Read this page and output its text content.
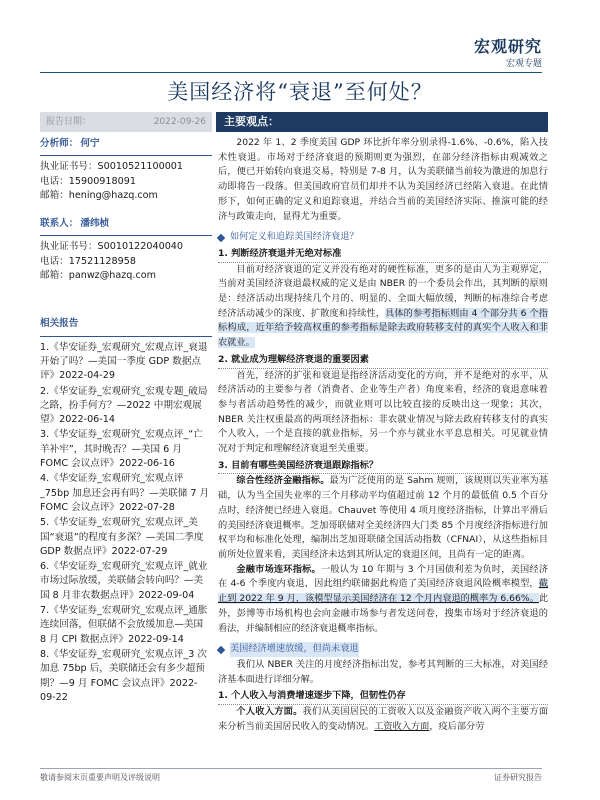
宏观研究
宏观专题
美国经济将“衰退”至何处？
报告日期：	2022-09-26
分析师： 何宁
执业证书号：S0010521100001
电话：15900918091
邮箱：hening@hazq.com
联系人： 潘纬桢
执业证书号：S0010122040040
电话：17521128958
邮箱：panwz@hazq.com
相关报告
1.《华安证券_宏观研究_宏观点评_衰退开始了吗？—美国一季度 GDP 数据点评》2022-04-29
2.《华安证券_宏观研究_宏观专题_破局之路，扮手何方？—2022 中期宏观展望》2022-06-14
3.《华安证券_宏观研究_宏观点评_“亡羊补牢”，其时晚否？—美国 6 月 FOMC 会议点评》2022-06-16
4.《华安证券_宏观研究_宏观点评_75bp 加息还会再有吗？—美联储 7 月 FOMC 会议点评》2022-07-28
5.《华安证券_宏观研究_宏观点评_美国“衰退”的程度有多深？—美国二季度 GDP 数据点评》2022-07-29
6.《华安证券_宏观研究_宏观点评_就业市场过际放缓，美联储会转向吗？—美国 8 月非农数据点评》2022-09-04
7.《华安证券_宏观研究_宏观点评_通胀连续回落，但联储不会放缓加息—美国 8 月 CPI 数据点评》2022-09-14
8.《华安证券_宏观研究_宏观点评_3 次加息 75bp 后，美联储还会有多少超预期？—9 月 FOMC 会议点评》2022-09-22
主要观点：

2022 年 1、2 季度美国 GDP 环比折年率分别录得-1.6%、-0.6%，陷入技术性衰退。市场对于经济衰退的预期则更为强烈，在部分经济指标由观减效之后，便已开始转向衰退交易，特别是 7-8 月，认为美联储当前较为激进的加息行动即将告一段落。但美国政府官员们却并不认为美国经济已经陷入衰退。在此情形下，如何正确的定义和追踪衰退，并结合当前的美国经济实际、推演可能的经济与政策走向，显得尤为重要。

如何定义和追踪美国经济衰退？
1. 判断经济衰退并无绝对标准

目前对经济衰退的定义并没有绝对的硬性标准，更多的是由人为主观界定，当前对美国经济衰退最权威的定义是由 NBER 的一个委员会作出，其判断的原则是：经济活动出现持续几个月的、明显的、全面大幅放缓，判断的标准综合考虑经济活动减少的深度、扩散度和持续性，具体的参考指标则由 4 个部分共 6 个指标构成，近年给予较高权重的参考指标是除去政府转移支付的真实个人收入和非农就业。

2. 就业成为理解经济衰退的重要因素

首先，经济的扩张和衰退是指经济活动变化的方向，并不是绝对的水平，从经济活动的主要参与者（消费者、企业等生产者）角度来看，经济的衰退意味着参与者活动趋势性的减少，而就业则可以比较直接的反映出这一现象；其次，NBER 关注权重最高的两项经济指标：非农就业情况与除去政府转移支付的真实个人收入，一个是直接的就业指标，另一个亦与就业水平息息相关。可见就业情况对于判定和理解经济衰退至关重要。

3. 目前有哪些美国经济衰退跟踪指标？

综合性经济金融指标。最为广泛使用的是 Sahm 规则，该规则以失业率为基础，认为当全国失业率的三个月移动平均值超过前 12 个月的最低值 0.5 个百分点时，经济便已经进入衰退。Chauvet 等使用 4 项月度经济指标，计算出平滑后的美国经济衰退概率。芝加哥联储对全美经济四大门类 85 个月度经济指标进行加权平均和标准化处理，编制出芝加哥联储全国活动指数（CFNAI），从这些指标目前所处位置来看，美国经济未达到其所认定的衰退区间，且尚有一定的距离。

金融市场连环指标。一般认为 10 年期与 3 个月国债利差为负时，美国经济在 4-6 个季度内衰退，因此组约联储据此构造了美国经济衰退风险概率模型，截止到 2022 年 9 月，该模型显示美国经济在 12 个月内衰退的概率为 6.66%。此外，彭博等市场机构也会向金融市场参与者发送问卷，搜集市场对于经济衰退的看法，并编制相应的经济衰退概率指标。

美国经济增速放缓，但尚未衰退

我们从 NBER 关注的月度经济指标出发，参考其判断的三大标准，对美国经济基本面进行详细分解。

1. 个人收入与消费增速逐步下降，但韧性仍存

个人收入方面。我们从美国居民的工资收入以及金融资产收入两个主要方面来分析当前美国居民收入的变动情况。工资收入方面，疫后部分劳

敬请参阅末页重要声明及评级说明	证券研究报告
